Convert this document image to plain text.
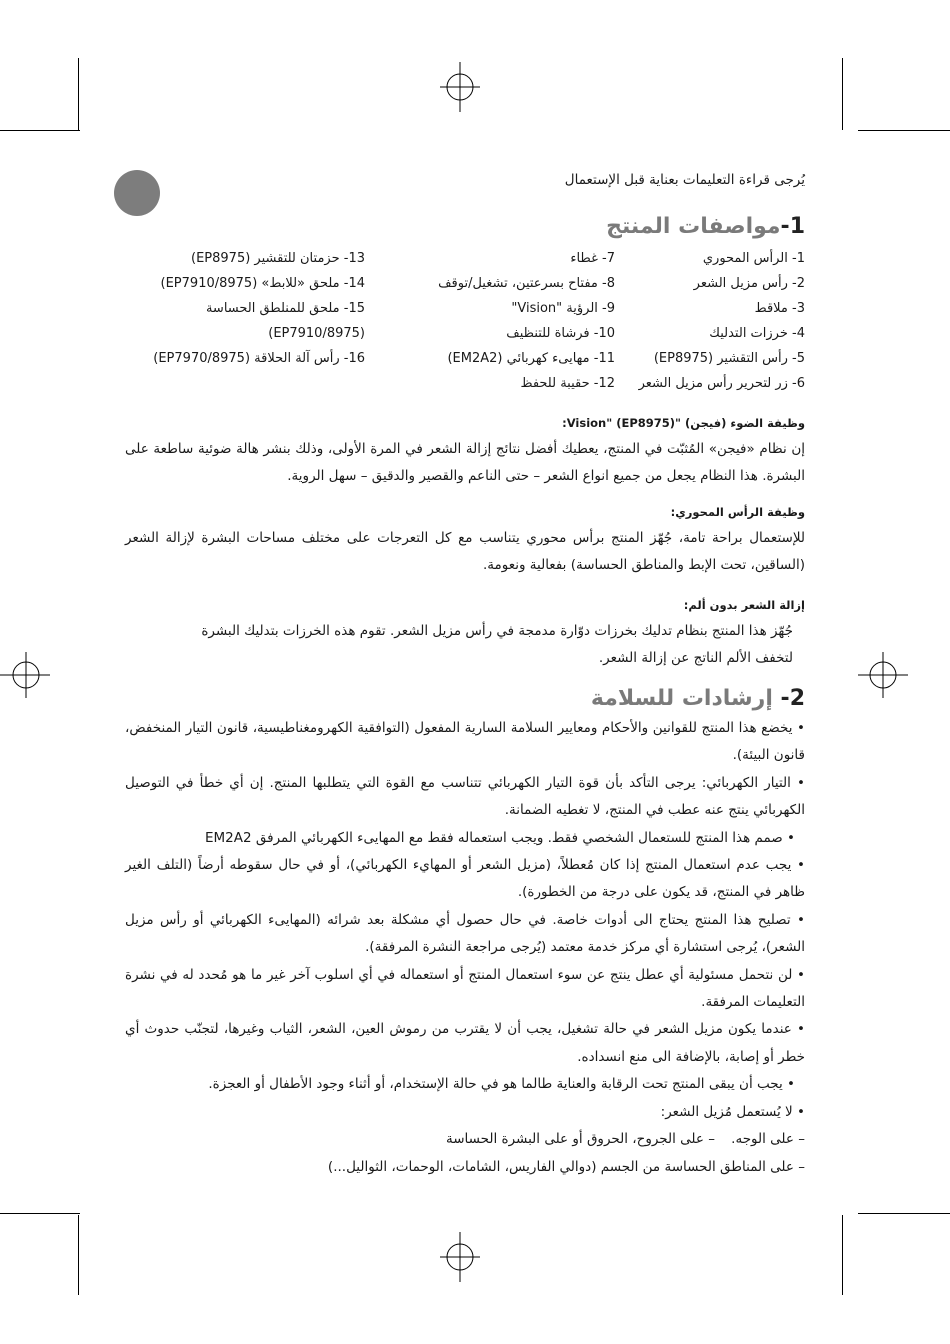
يُرجى قراءة التعليمات بعناية قبل الإستعمال
1-مواصفات المنتج
1- الرأس المحوري
2- رأس مزيل الشعر
3- ملاقط
4- خرزات التدليك
5- رأس التقشير (EP8975)
6- زر لتحرير رأس مزيل الشعر
7- غطاء
8- مفتاح بسرعتين، تشغيل/توقف
9- الرؤية "Vision"
10- فرشاة للتنظيف
11- مهايىء كهربائي (EM2A2)
12- حقيبة للحفظ
13- حزمتان للتقشير (EP8975)
14- ملحق «للابط» (EP7910/8975)
15- ملحق للمنلطق الحساسة
(EP7910/8975)
16- رأس آلة الحلاقة (EP7970/8975)
وظيفة الضوء (فيجن) "Vision" (EP8975):
إن نظام «فيجن» المُثبّت في المنتج، يعطيك أفضل نتائج إزالة الشعر في المرة الأولى، وذلك بنشر هالة ضوئية ساطعة على البشرة. هذا النظام يجعل من جميع انواع الشعر – حتى الناعم والقصير والدقيق – سهل الروية.
وظيفة الرأس المحوري:
للإستعمال براحة تامة، جُهّز المنتج برأس محوري يتناسب مع كل التعرجات على مختلف مساحات البشرة لإزالة الشعر (الساقين، تحت الإبط والمناطق الحساسة) بفعالية ونعومة.
إزالة الشعر بدون ألم:
جُهّز هذا المنتج بنظام تدليك بخرزات دوّارة مدمجة في رأس مزيل الشعر. تقوم هذه الخرزات بتدليك البشرة
لتخفف الألم الناتج عن إزالة الشعر.
2- إرشادات للسلامة

• يخضع هذا المنتج للقوانين والأحكام ومعايير السلامة السارية المفعول (التوافقية الكهرومغناطيسية، قانون التيار المنخفض، قانون البيئة).

• التيار الكهربائي: يرجى التأكد بأن قوة التيار الكهربائي تتناسب مع القوة التي يتطلبها المنتج. إن أي خطأ في التوصيل الكهربائي ينتج عنه عطب في المنتج، لا تغطيه الضمانة.

• صمم هذا المنتج للستعمال الشخصي فقط. ويجب استعماله فقط مع المهايىء الكهربائي المرفق EM2A2

• يجب عدم استعمال المنتج إذا كان مُعطلاً، (مزيل الشعر أو المهايء الكهربائي)، أو في حال سقوطه أرضاً (التلف الغير ظاهر في المنتج، قد يكون على درجة من الخطورة).

• تصليح هذا المنتج يحتاج الى أدوات خاصة. في حال حصول أي مشكلة بعد شرائه (المهايىء الكهربائي أو رأس مزيل الشعر)، يُرجى استشارة أي مركز خدمة معتمد (يُرجى مراجعة النشرة المرفقة).

• لن نتحمل مسئولية أي عطل ينتج عن سوء استعمال المنتج أو استعماله في أي اسلوب آخر غير ما هو مُحدد له في نشرة التعليمات المرفقة.

• عندما يكون مزيل الشعر في حالة تشغيل، يجب أن لا يقترب من رموش العين، الشعر، الثياب وغيرها، لتجنّب حدوث أي خطر أو إصابة، بالإضافة الى منع انسداده.

• يجب أن يبقى المنتج تحت الرقابة والعناية طالما هو في حالة الإستخدام، أو أثناء وجود الأطفال أو العجزة.

• لا يُستعمل مُزيل الشعر:

– على الوجه.
– على الجروح، الحروق أو على البشرة الحساسة
– على المناطق الحساسة من الجسم (دوالي الفاريس، الشامات، الوحمات، الثواليل...)
